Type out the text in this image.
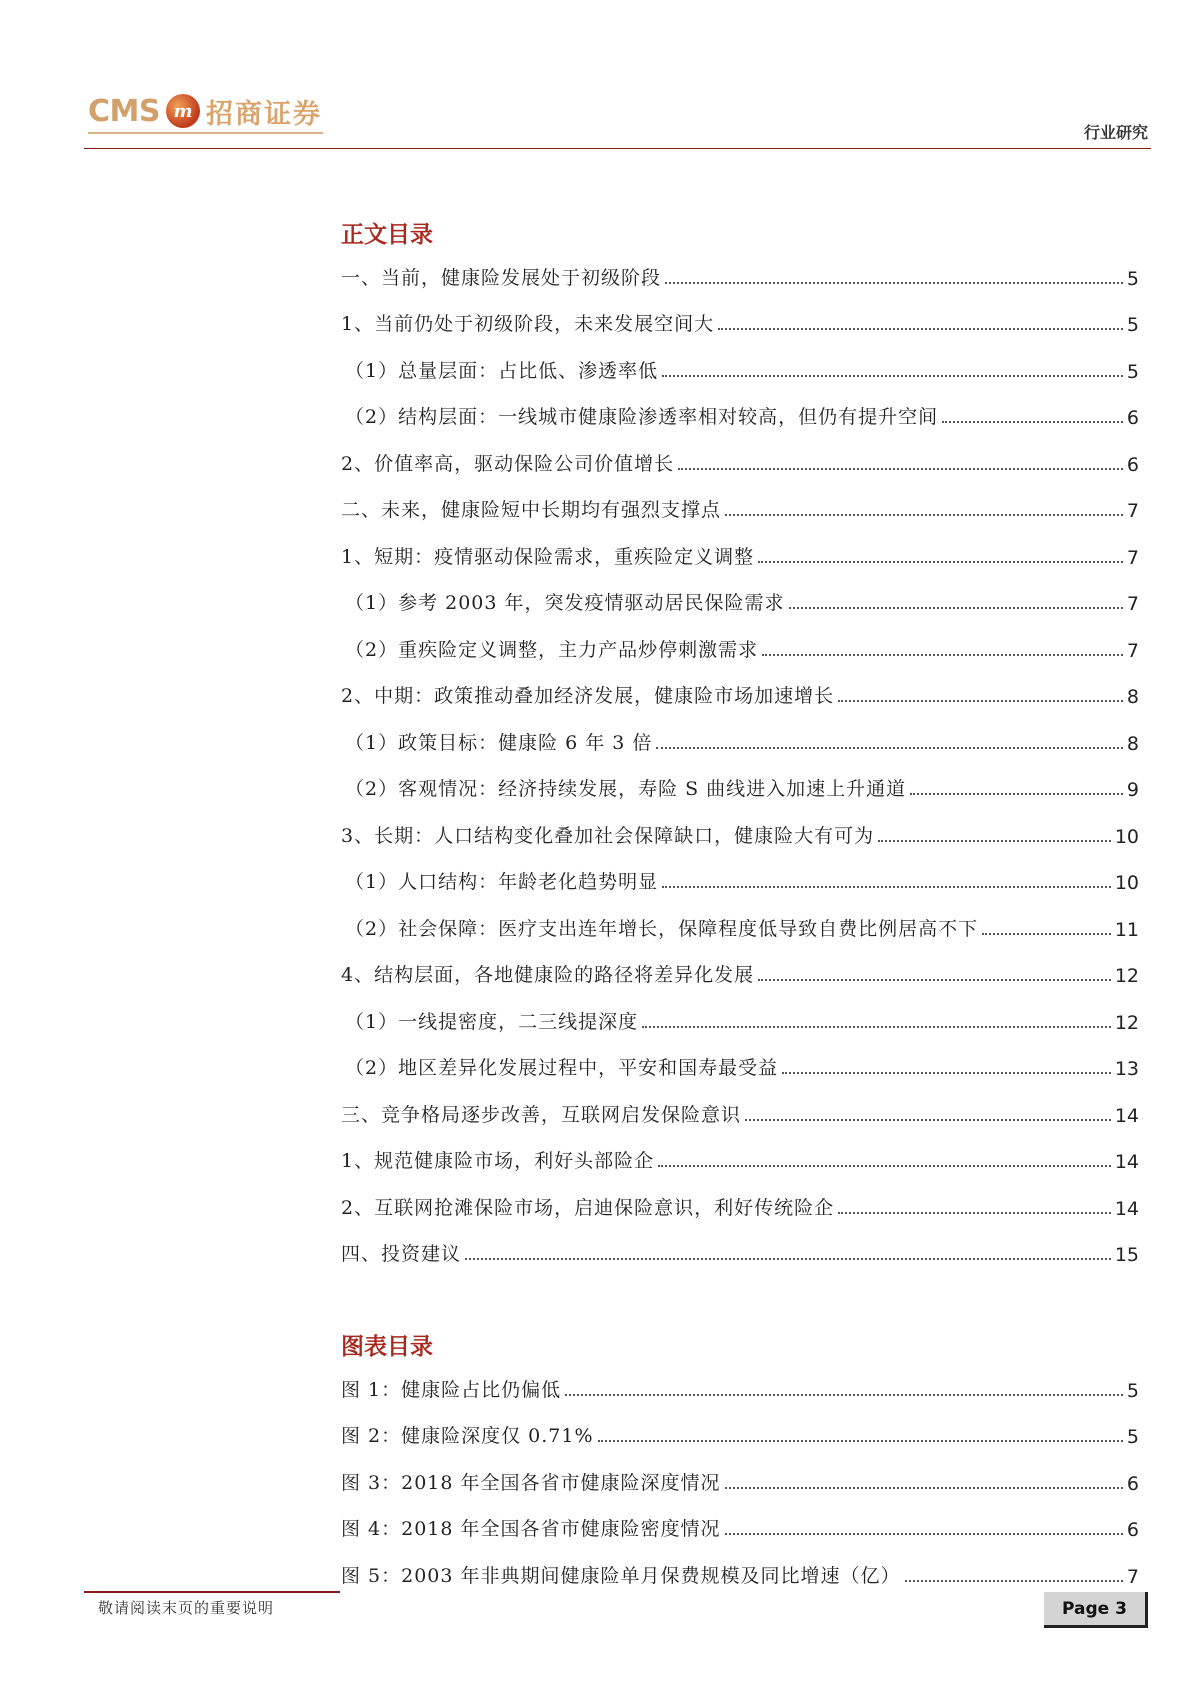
CMS m 招商证券
行业研究
正文目录
一、当前，健康险发展处于初级阶段	5
1、当前仍处于初级阶段，未来发展空间大	5
（1）总量层面：占比低、渗透率低	5
（2）结构层面：一线城市健康险渗透率相对较高，但仍有提升空间	6
2、价值率高，驱动保险公司价值增长	6
二、未来，健康险短中长期均有强烈支撑点	7
1、短期：疫情驱动保险需求，重疾险定义调整	7
（1）参考 2003 年，突发疫情驱动居民保险需求	7
（2）重疾险定义调整，主力产品炒停刺激需求	7
2、中期：政策推动叠加经济发展，健康险市场加速增长	8
（1）政策目标：健康险 6 年 3 倍	8
（2）客观情况：经济持续发展，寿险 S 曲线进入加速上升通道	9
3、长期：人口结构变化叠加社会保障缺口，健康险大有可为	10
（1）人口结构：年龄老化趋势明显	10
（2）社会保障：医疗支出连年增长，保障程度低导致自费比例居高不下	11
4、结构层面，各地健康险的路径将差异化发展	12
（1）一线提密度，二三线提深度	12
（2）地区差异化发展过程中，平安和国寿最受益	13
三、竞争格局逐步改善，互联网启发保险意识	14
1、规范健康险市场，利好头部险企	14
2、互联网抢滩保险市场，启迪保险意识，利好传统险企	14
四、投资建议	15
图表目录
图 1：健康险占比仍偏低	5
图 2：健康险深度仅 0.71%	5
图 3：2018 年全国各省市健康险深度情况	6
图 4：2018 年全国各省市健康险密度情况	6
图 5：2003 年非典期间健康险单月保费规模及同比增速（亿）	7
敬请阅读末页的重要说明	Page 3
